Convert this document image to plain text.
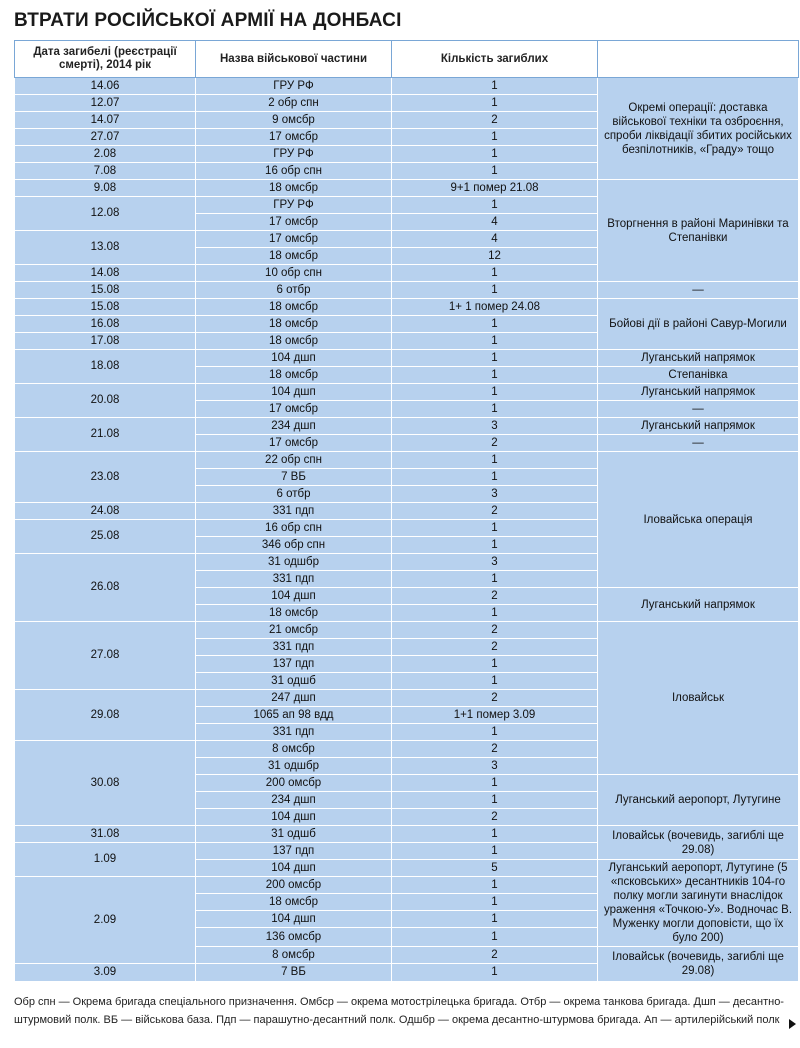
ВТРАТИ РОСІЙСЬКОЇ АРМІЇ НА ДОНБАСІ
Дата загибелі (реєстрації смерті), 2014 рік	Назва військової частини	Кількість загиблих	
14.06	ГРУ РФ	1	Окремі операції: доставка військової техніки та озброєння, спроби ліквідації збитих російських безпілотників, «Граду» тощо
12.07	2 обр спн	1	
14.07	9 омсбр	2	
27.07	17 омсбр	1	
2.08	ГРУ РФ	1	
7.08	16 обр спн	1	
9.08	18 омсбр	9+1 помер 21.08	Вторгнення в районі Маринівки та Степанівки
12.08	ГРУ РФ	1	
	17 омсбр	4	
13.08	17 омсбр	4	
	18 омсбр	12	
14.08	10 обр спн	1	
15.08	6 отбр	1	—
15.08	18 омсбр	1+ 1 помер 24.08	Бойові дії в районі Савур-Могили
16.08	18 омсбр	1	
17.08	18 омсбр	1	
18.08	104 дшп	1	Луганський напрямок
	18 омсбр	1	Степанівка
20.08	104 дшп	1	Луганський напрямок
	17 омсбр	1	—
21.08	234 дшп	3	Луганський напрямок
	17 омсбр	2	—
23.08	22 обр спн	1	Іловайська операція
	7 ВБ	1	
	6 отбр	3	
24.08	331 пдп	2	
25.08	16 обр спн	1	
	346 обр спн	1	
26.08	31 одшбр	3	
	331 пдп	1	
	104 дшп	2	Луганський напрямок
	18 омсбр	1	
27.08	21 омсбр	2	Іловайськ
	331 пдп	2	
	137 пдп	1	
	31 одшб	1	
29.08	247 дшп	2	
	1065 ап 98 вдд	1+1 помер 3.09	
	331 пдп	1	
30.08	8 омсбр	2	
	31 одшбр	3	
	200 омсбр	1	Луганський аеропорт, Лутугине
	234 дшп	1	
	104 дшп	2	
31.08	31 одшб	1	Іловайськ (вочевидь, загиблі ще 29.08)
1.09	137 пдп	1	
	104 дшп	5	Луганський аеропорт, Лутугине (5 «псковських» десантників 104-го полку могли загинути внаслідок ураження «Точкою-У». Водночас В. Муженку могли доповісти, що їх було 200)
2.09	200 омсбр	1	
	18 омсбр	1	
	104 дшп	1	
	136 омсбр	1	
	8 омсбр	2	Іловайськ (вочевидь, загиблі ще 29.08)
3.09	7 ВБ	1	
Обр спн — Окрема бригада спеціального призначення. Омбср — окрема мотострілецька бригада. Отбр — окрема танкова бригада. Дшп — десантно-штурмовий полк. ВБ — військова база. Пдп — парашутно-десантний полк. Одшбр — окрема десантно-штурмова бригада. Ап — артилерійський полк
